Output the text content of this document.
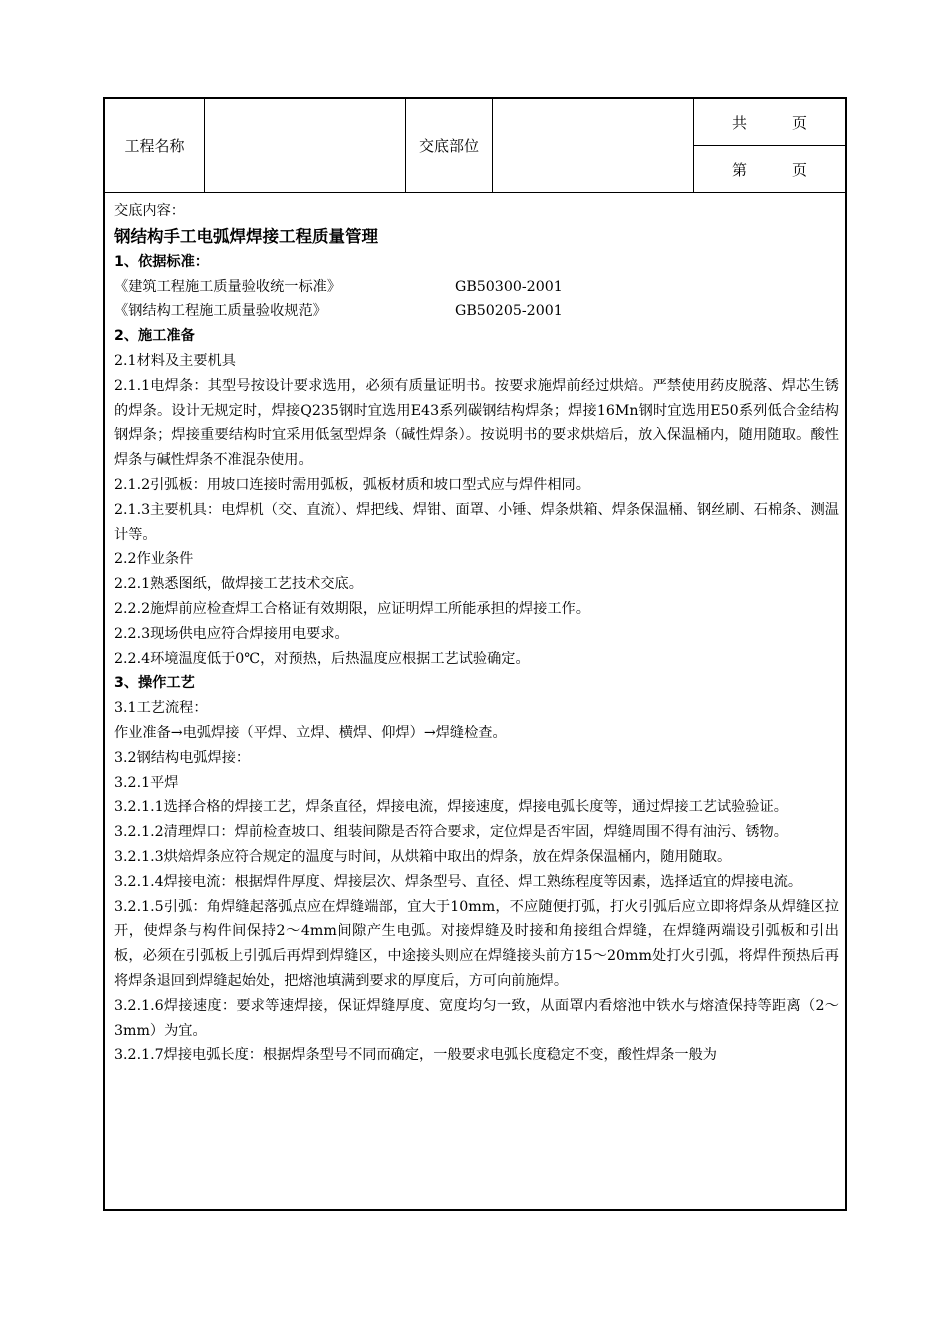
工程名称	交底部位
共　　　页
第　　　页

交底内容：

钢结构手工电弧焊焊接工程质量管理

1、依据标准：

《建筑工程施工质量验收统一标准》	GB50300-2001
《钢结构工程施工质量验收规范》	GB50205-2001

2、施工准备

2.1材料及主要机具

2.1.1电焊条：其型号按设计要求选用，必须有质量证明书。按要求施焊前经过烘焙。严禁使用药皮脱落、焊芯生锈的焊条。设计无规定时，焊接Q235钢时宜选用E43系列碳钢结构焊条；焊接16Mn钢时宜选用E50系列低合金结构钢焊条；焊接重要结构时宜采用低氢型焊条（碱性焊条）。按说明书的要求烘焙后，放入保温桶内，随用随取。酸性焊条与碱性焊条不准混杂使用。

2.1.2引弧板：用坡口连接时需用弧板，弧板材质和坡口型式应与焊件相同。

2.1.3主要机具：电焊机（交、直流）、焊把线、焊钳、面罩、小锤、焊条烘箱、焊条保温桶、钢丝刷、石棉条、测温计等。

2.2作业条件

2.2.1熟悉图纸，做焊接工艺技术交底。

2.2.2施焊前应检查焊工合格证有效期限，应证明焊工所能承担的焊接工作。

2.2.3现场供电应符合焊接用电要求。

2.2.4环境温度低于0℃，对预热，后热温度应根据工艺试验确定。

3、操作工艺

3.1工艺流程：

作业准备→电弧焊接（平焊、立焊、横焊、仰焊）→焊缝检查。

3.2钢结构电弧焊接：

3.2.1平焊

3.2.1.1选择合格的焊接工艺，焊条直径，焊接电流，焊接速度，焊接电弧长度等，通过焊接工艺试验验证。

3.2.1.2清理焊口：焊前检查坡口、组装间隙是否符合要求，定位焊是否牢固，焊缝周围不得有油污、锈物。

3.2.1.3烘焙焊条应符合规定的温度与时间，从烘箱中取出的焊条，放在焊条保温桶内，随用随取。

3.2.1.4焊接电流：根据焊件厚度、焊接层次、焊条型号、直径、焊工熟练程度等因素，选择适宜的焊接电流。

3.2.1.5引弧：角焊缝起落弧点应在焊缝端部，宜大于10mm，不应随便打弧，打火引弧后应立即将焊条从焊缝区拉开，使焊条与构件间保持2～4mm间隙产生电弧。对接焊缝及时接和角接组合焊缝，在焊缝两端设引弧板和引出板，必须在引弧板上引弧后再焊到焊缝区，中途接头则应在焊缝接头前方15～20mm处打火引弧，将焊件预热后再将焊条退回到焊缝起始处，把熔池填满到要求的厚度后，方可向前施焊。

3.2.1.6焊接速度：要求等速焊接，保证焊缝厚度、宽度均匀一致，从面罩内看熔池中铁水与熔渣保持等距离（2～3mm）为宜。

3.2.1.7焊接电弧长度：根据焊条型号不同而确定，一般要求电弧长度稳定不变，酸性焊条一般为
